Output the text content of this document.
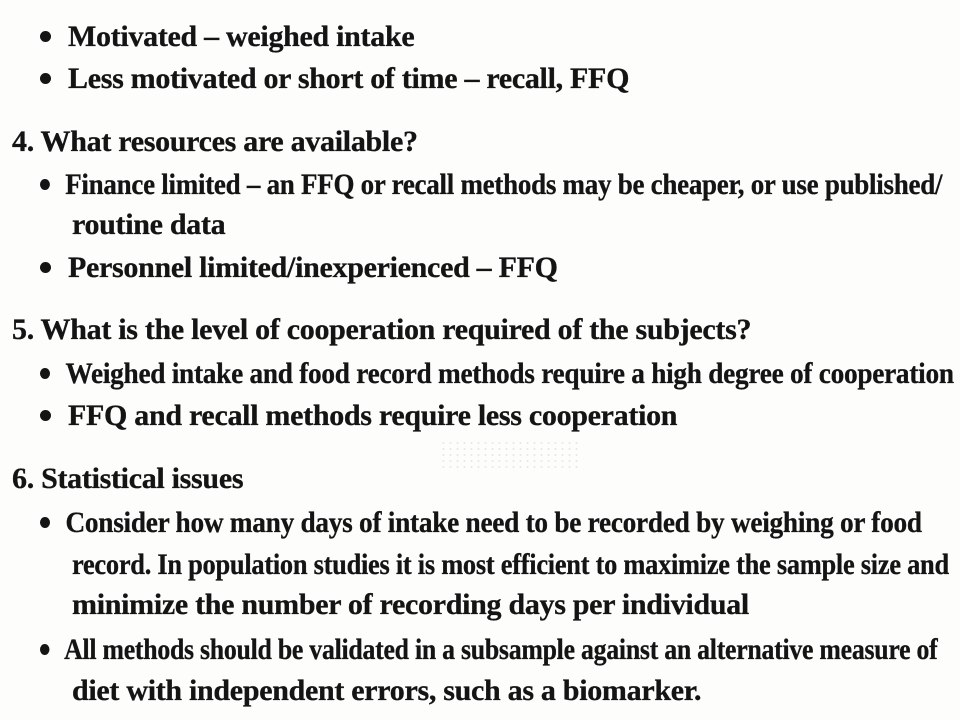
Motivated – weighed intake
Less motivated or short of time – recall, FFQ
4. What resources are available?
Finance limited – an FFQ or recall methods may be cheaper, or use published/
routine data
Personnel limited/inexperienced – FFQ
5. What is the level of cooperation required of the subjects?
Weighed intake and food record methods require a high degree of cooperation
FFQ and recall methods require less cooperation
6. Statistical issues
Consider how many days of intake need to be recorded by weighing or food
record. In population studies it is most efficient to maximize the sample size and
minimize the number of recording days per individual
All methods should be validated in a subsample against an alternative measure of
diet with independent errors, such as a biomarker.
